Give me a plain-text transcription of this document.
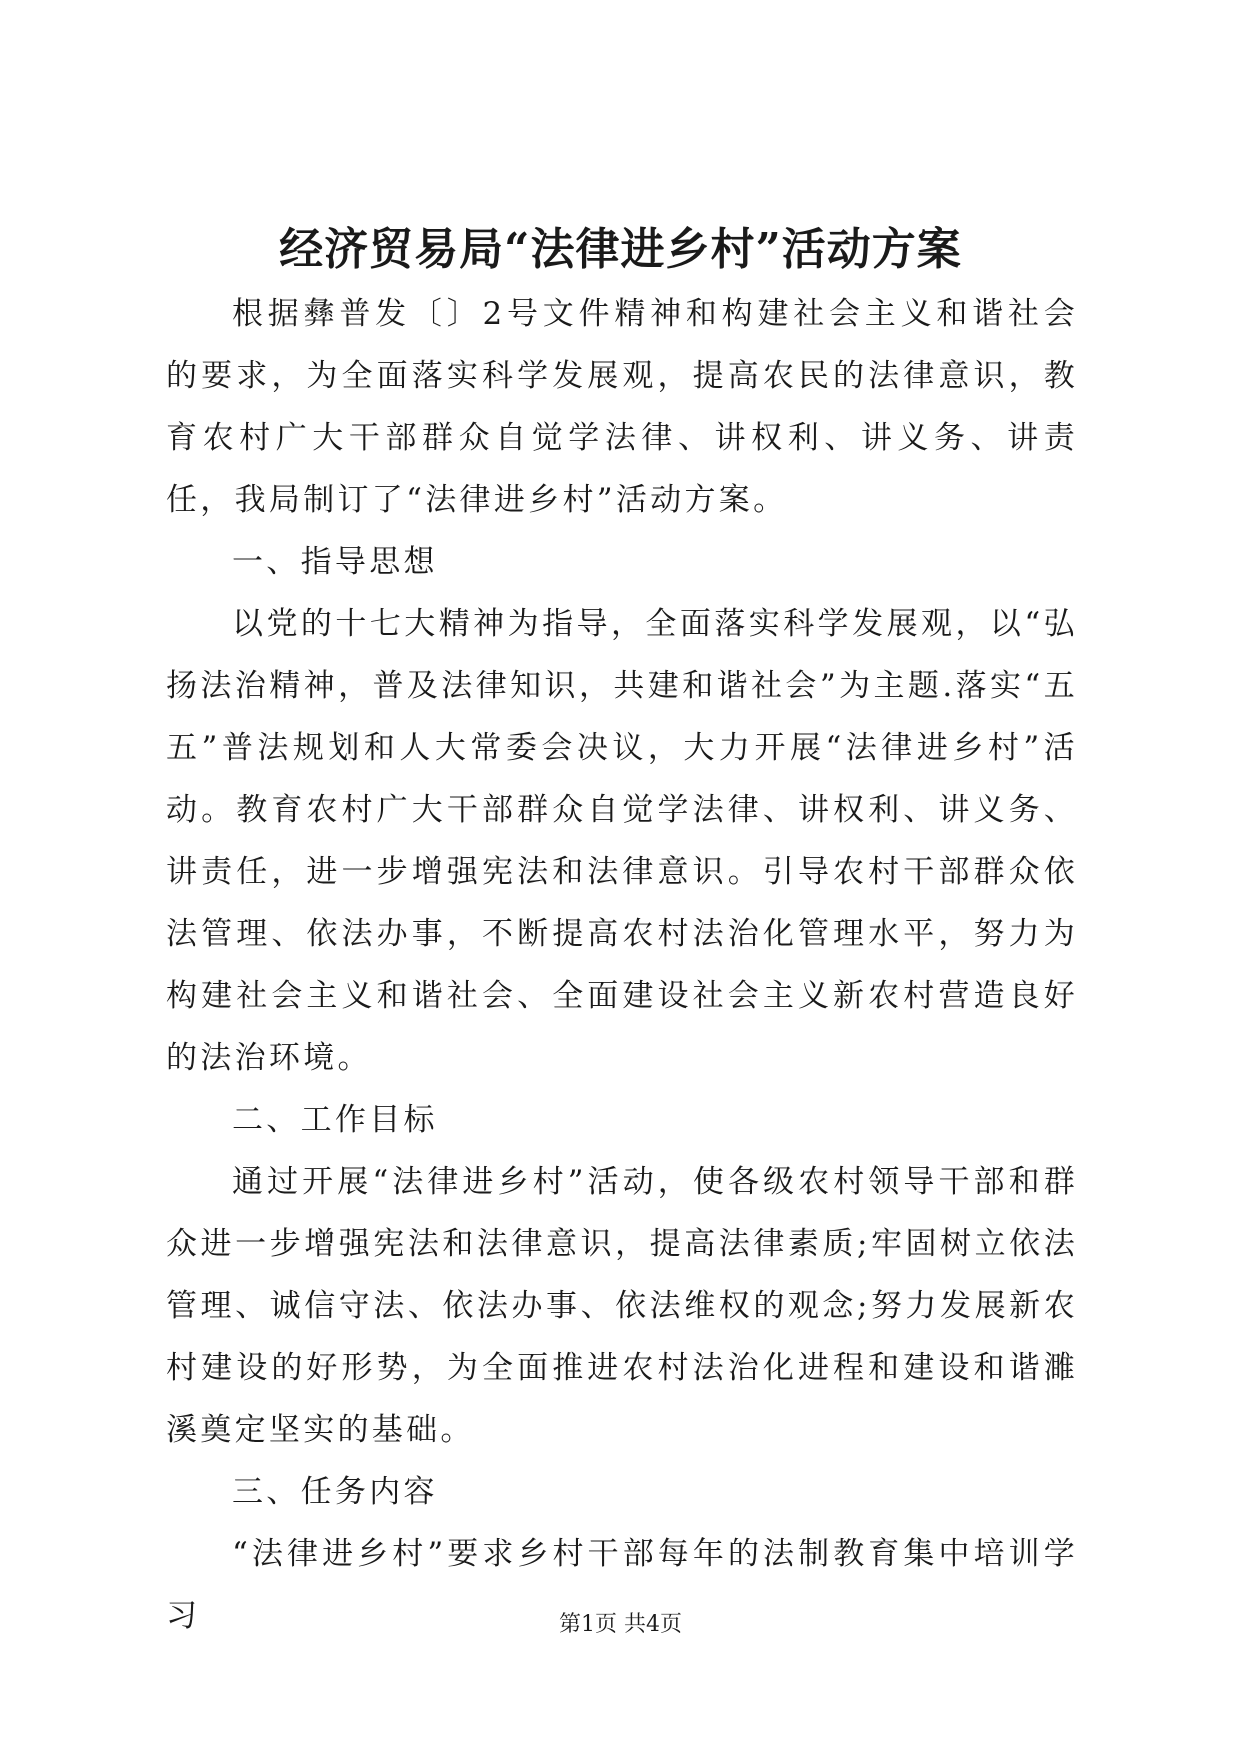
经济贸易局“法律进乡村”活动方案

根据彝普发〔〕2号文件精神和构建社会主义和谐社会的要求，为全面落实科学发展观，提高农民的法律意识，教育农村广大干部群众自觉学法律、讲权利、讲义务、讲责任，我局制订了“法律进乡村”活动方案。

一、指导思想

以党的十七大精神为指导，全面落实科学发展观，以“弘扬法治精神，普及法律知识，共建和谐社会”为主题.落实“五五”普法规划和人大常委会决议，大力开展“法律进乡村”活动。教育农村广大干部群众自觉学法律、讲权利、讲义务、讲责任，进一步增强宪法和法律意识。引导农村干部群众依法管理、依法办事，不断提高农村法治化管理水平，努力为构建社会主义和谐社会、全面建设社会主义新农村营造良好的法治环境。

二、工作目标

通过开展“法律进乡村”活动，使各级农村领导干部和群众进一步增强宪法和法律意识，提高法律素质;牢固树立依法管理、诚信守法、依法办事、依法维权的观念;努力发展新农村建设的好形势，为全面推进农村法治化进程和建设和谐濉溪奠定坚实的基础。

三、任务内容

“法律进乡村”要求乡村干部每年的法制教育集中培训学习	第1页 共4页
